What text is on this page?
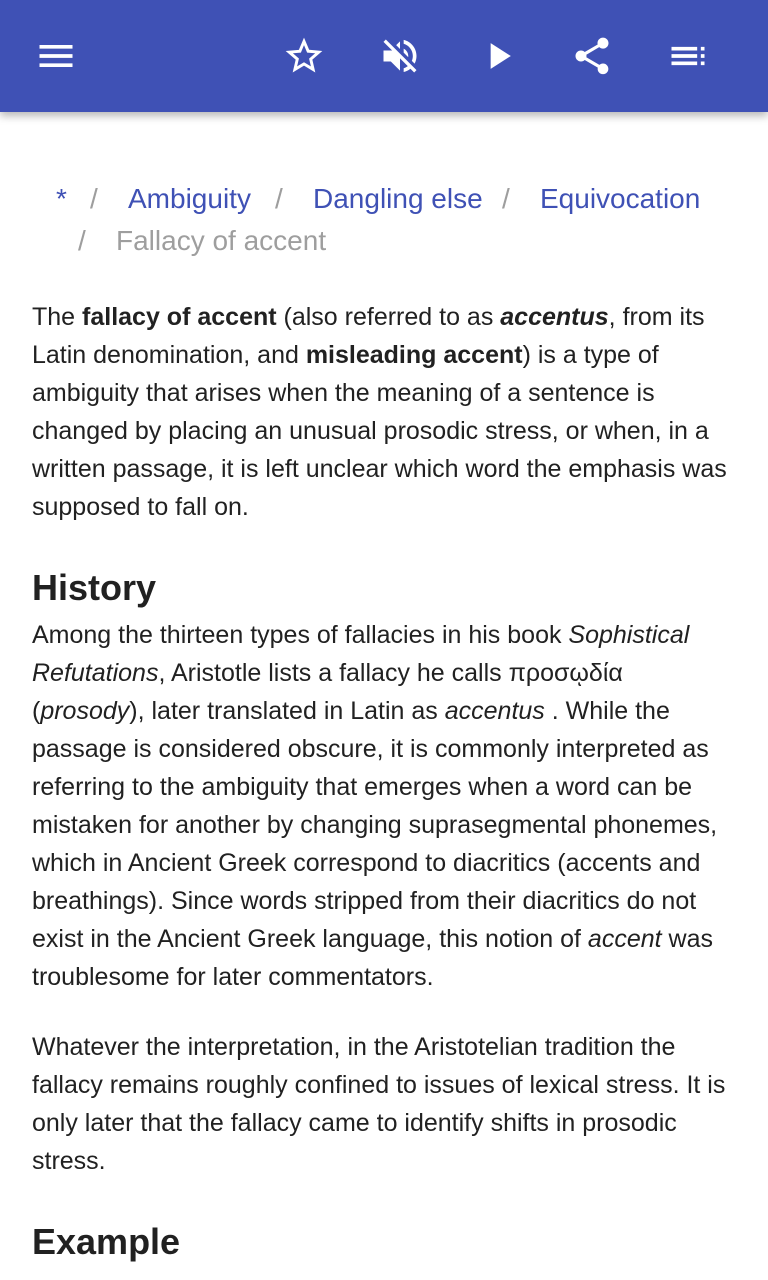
* / Ambiguity / Dangling else / Equivocation
/ Fallacy of accent

The fallacy of accent (also referred to as accentus, from its Latin denomination, and misleading accent) is a type of ambiguity that arises when the meaning of a sentence is changed by placing an unusual prosodic stress, or when, in a written passage, it is left unclear which word the emphasis was supposed to fall on.

History

Among the thirteen types of fallacies in his book Sophistical Refutations, Aristotle lists a fallacy he calls προσῳδία (prosody), later translated in Latin as accentus . While the passage is considered obscure, it is commonly interpreted as referring to the ambiguity that emerges when a word can be mistaken for another by changing suprasegmental phonemes, which in Ancient Greek correspond to diacritics (accents and breathings). Since words stripped from their diacritics do not exist in the Ancient Greek language, this notion of accent was troublesome for later commentators.

Whatever the interpretation, in the Aristotelian tradition the fallacy remains roughly confined to issues of lexical stress. It is only later that the fallacy came to identify shifts in prosodic stress.

Example
